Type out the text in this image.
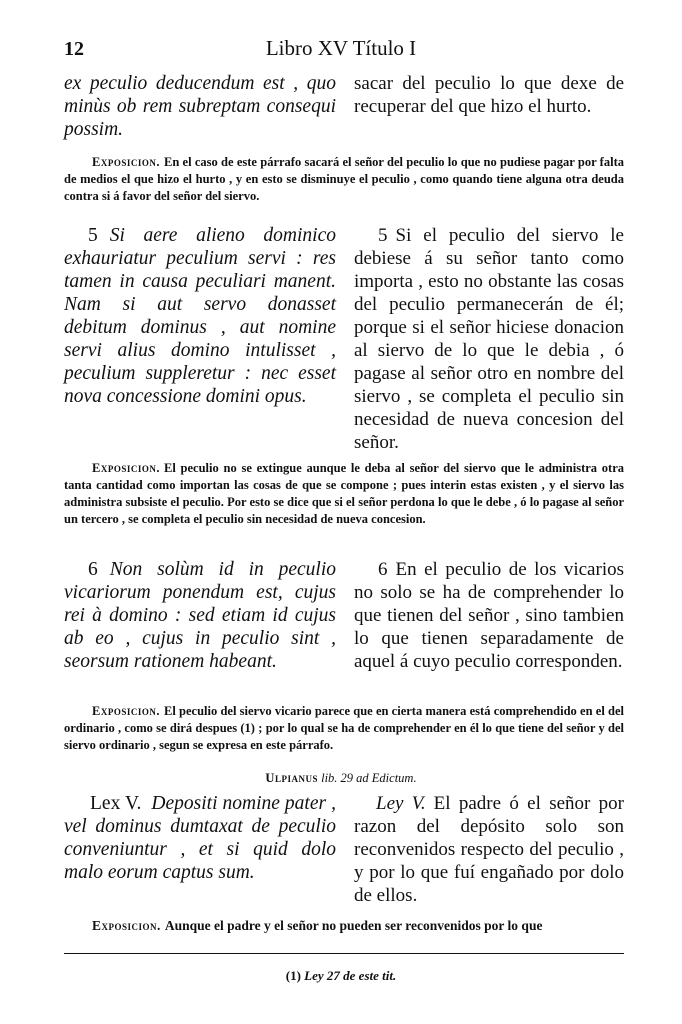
12	Libro XV Título I

ex peculio deducendum est , quo minùs ob rem subreptam consequi possim.

sacar del peculio lo que dexe de recuperar del que hizo el hurto.

Exposicion. En el caso de este párrafo sacará el señor del peculio lo que no pudiese pagar por falta de medios el que hizo el hurto , y en esto se disminuye el peculio , como quando tiene alguna otra deuda contra si á favor del señor del siervo.

5 Si aere alieno dominico exhauriatur peculium servi : res tamen in causa peculiari manent. Nam si aut servo donasset debitum dominus , aut nomine servi alius domino intulisset , peculium suppleretur : nec esset nova concessione domini opus.

5 Si el peculio del siervo le debiese á su señor tanto como importa , esto no obstante las cosas del peculio permanecerán de él; porque si el señor hiciese donacion al siervo de lo que le debia , ó pagase al señor otro en nombre del siervo , se completa el peculio sin necesidad de nueva concesion del señor.

Exposicion. El peculio no se extingue aunque le deba al señor del siervo que le administra otra tanta cantidad como importan las cosas de que se compone ; pues interin estas existen , y el siervo las administra subsiste el peculio. Por esto se dice que si el señor perdona lo que le debe , ó lo pagase al señor un tercero , se completa el peculio sin necesidad de nueva concesion.

6 Non solùm id in peculio vicariorum ponendum est, cujus rei à domino : sed etiam id cujus ab eo , cujus in peculio sint , seorsum rationem habeant.

6 En el peculio de los vicarios no solo se ha de comprehender lo que tienen del señor , sino tambien lo que tienen separadamente de aquel á cuyo peculio corresponden.

Exposicion. El peculio del siervo vicario parece que en cierta manera está comprehendido en el del ordinario , como se dirá despues (1) ; por lo qual se ha de comprehender en él lo que tiene del señor y del siervo ordinario , segun se expresa en este párrafo.

Ulpianus lib. 29 ad Edictum.

Lex V. Depositi nomine pater , vel dominus dumtaxat de peculio conveniuntur , et si quid dolo malo eorum captus sum.

Ley V. El padre ó el señor por razon del depósito solo son reconvenidos respecto del peculio , y por lo que fuí engañado por dolo de ellos.

Exposicion. Aunque el padre y el señor no pueden ser reconvenidos por lo que

(1) Ley 27 de este tit.
